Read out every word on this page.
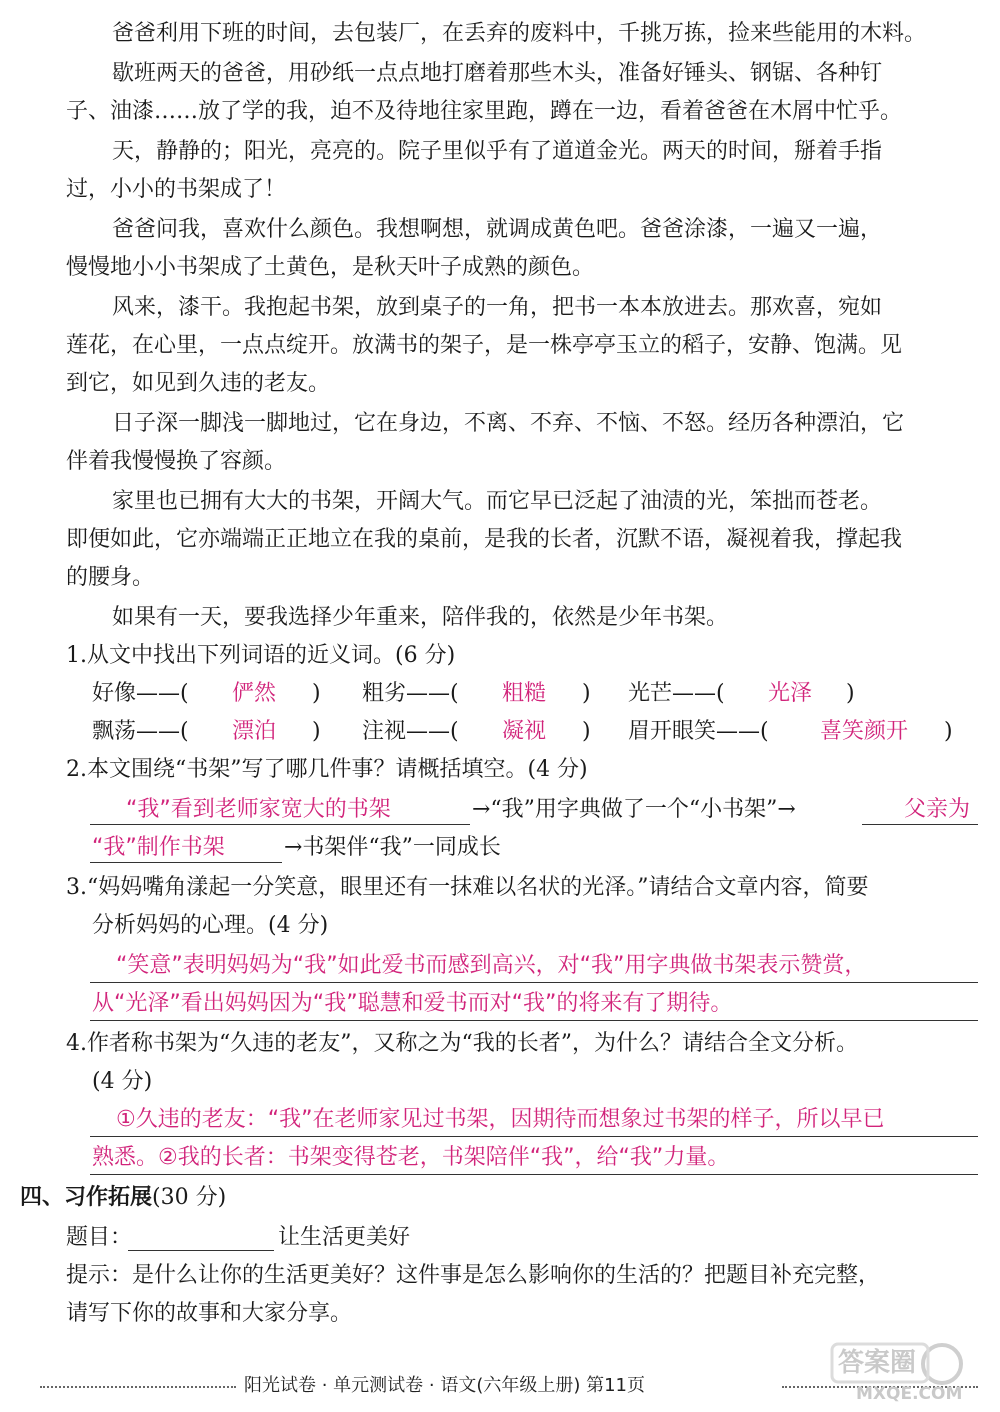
爸爸利用下班的时间，去包装厂，在丢弃的废料中，千挑万拣，捡来些能用的木料。
歇班两天的爸爸，用砂纸一点点地打磨着那些木头，准备好锤头、钢锯、各种钉
子、油漆……放了学的我，迫不及待地往家里跑，蹲在一边，看着爸爸在木屑中忙乎。
天，静静的；阳光，亮亮的。院子里似乎有了道道金光。两天的时间，掰着手指
过，小小的书架成了！
爸爸问我，喜欢什么颜色。我想啊想，就调成黄色吧。爸爸涂漆，一遍又一遍，
慢慢地小小书架成了土黄色，是秋天叶子成熟的颜色。
风来，漆干。我抱起书架，放到桌子的一角，把书一本本放进去。那欢喜，宛如
莲花，在心里，一点点绽开。放满书的架子，是一株亭亭玉立的稻子，安静、饱满。见
到它，如见到久违的老友。
日子深一脚浅一脚地过，它在身边，不离、不弃、不恼、不怒。经历各种漂泊，它
伴着我慢慢换了容颜。
家里也已拥有大大的书架，开阔大气。而它早已泛起了油渍的光，笨拙而苍老。
即便如此，它亦端端正正地立在我的桌前，是我的长者，沉默不语，凝视着我，撑起我
的腰身。
如果有一天，要我选择少年重来，陪伴我的，依然是少年书架。
1.从文中找出下列词语的近义词。(6 分)
好像——( 俨然 ) 粗劣——( 粗糙 ) 光芒——( 光泽 )
飘荡——( 漂泊 ) 注视——( 凝视 ) 眉开眼笑——( 喜笑颜开 )
2.本文围绕“书架”写了哪几件事？请概括填空。(4 分)
“我”看到老师家宽大的书架	→“我”用字典做了一个“小书架”→	父亲为
“我”制作书架	→书架伴“我”一同成长
3.“妈妈嘴角漾起一分笑意，眼里还有一抹难以名状的光泽。”请结合文章内容，简要
分析妈妈的心理。(4 分)
“笑意”表明妈妈为“我”如此爱书而感到高兴，对“我”用字典做书架表示赞赏，
从“光泽”看出妈妈因为“我”聪慧和爱书而对“我”的将来有了期待。
4.作者称书架为“久违的老友”，又称之为“我的长者”，为什么？请结合全文分析。
(4 分)
①久违的老友：“我”在老师家见过书架，因期待而想象过书架的样子，所以早已
熟悉。②我的长者：书架变得苍老，书架陪伴“我”，给“我”力量。
四、习作拓展(30 分)
题目：	让生活更美好
提示：是什么让你的生活更美好？这件事是怎么影响你的生活的？把题目补充完整，
请写下你的故事和大家分享。
阳光试卷 · 单元测试卷 · 语文(六年级上册) 第11页
答案圈
MXQE.COM
